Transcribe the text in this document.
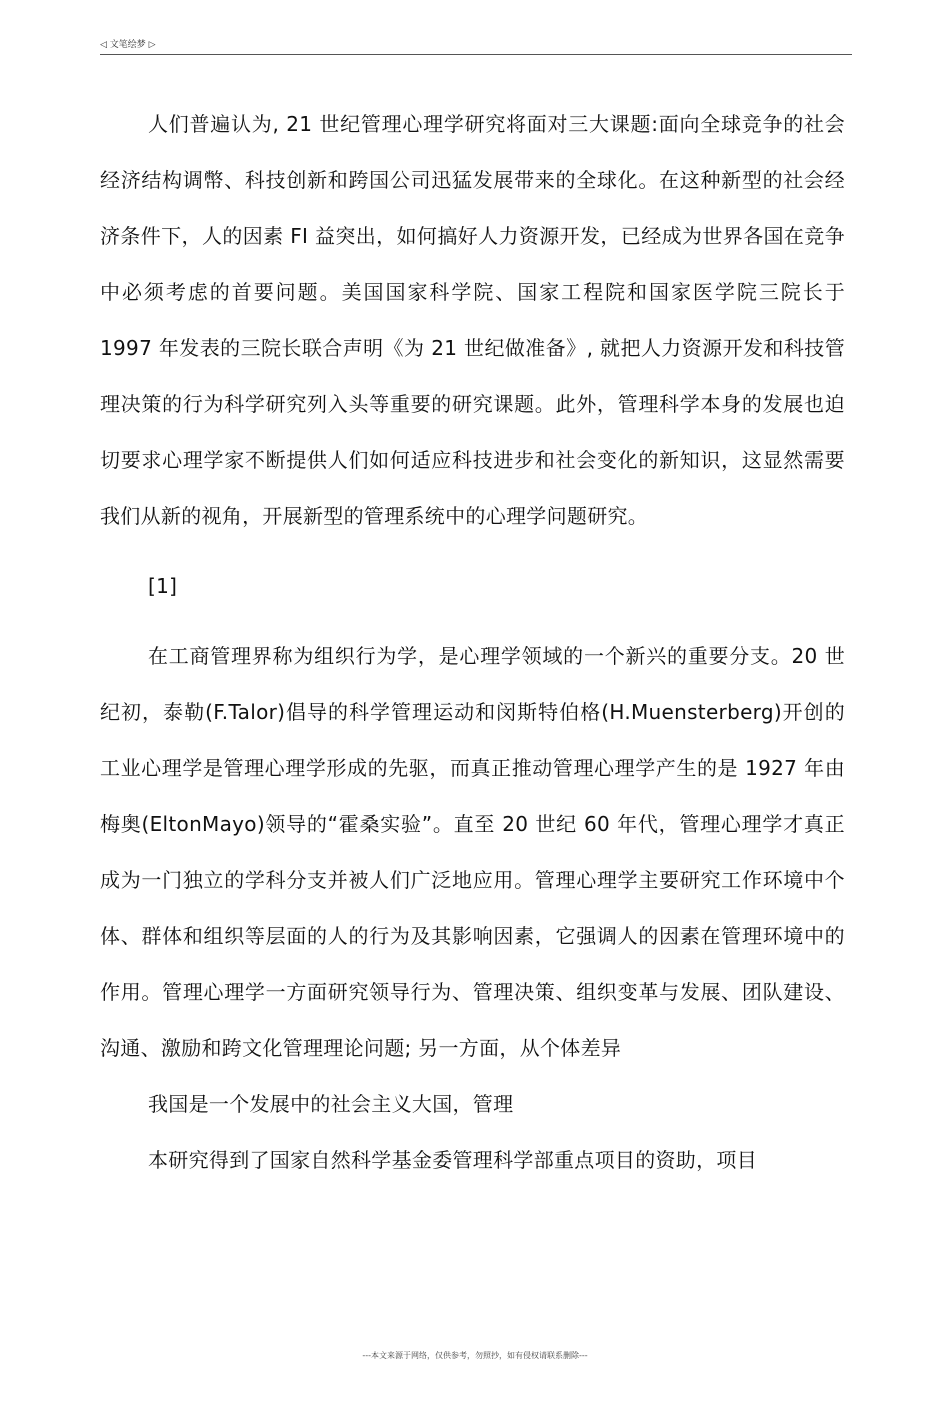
◁ 文笔绘梦 ▷

人们普遍认为, 21 世纪管理心理学研究将面对三大课题:面向全球竞争的社会经济结构调幣、科技创新和跨国公司迅猛发展带来的全球化。在这种新型的社会经济条件下，人的因素 FI 益突出，如何搞好人力资源开发，已经成为世界各国在竞争中必须考虑的首要问题。美国国家科学院、国家工程院和国家医学院三院长于 1997 年发表的三院长联合声明《为 21 世纪做准备》, 就把人力资源开发和科技管理决策的行为科学研究列入头等重要的研究课题。此外，管理科学本身的发展也迫切要求心理学家不断提供人们如何适应科技进步和社会变化的新知识，这显然需要我们从新的视角，开展新型的管理系统中的心理学问题研究。

[1]

在工商管理界称为组织行为学，是心理学领域的一个新兴的重要分支。20 世纪初，泰勒(F.Talor)倡导的科学管理运动和闵斯特伯格(H.Muensterberg)开创的工业心理学是管理心理学形成的先驱，而真正推动管理心理学产生的是 1927 年由梅奥(EltonMayo)领导的“霍桑实验”。直至 20 世纪 60 年代，管理心理学才真正成为一门独立的学科分支并被人们广泛地应用。管理心理学主要研究工作环境中个体、群体和组织等层面的人的行为及其影响因素，它强调人的因素在管理环境中的作用。管理心理学一方面研究领导行为、管理决策、组织变革与发展、团队建设、沟通、激励和跨文化管理理论问题; 另一方面，从个体差异

我国是一个发展中的社会主义大国，管理

本研究得到了国家自然科学基金委管理科学部重点项目的资助，项目

---本文来源于网络，仅供参考，勿照抄，如有侵权请联系删除---
